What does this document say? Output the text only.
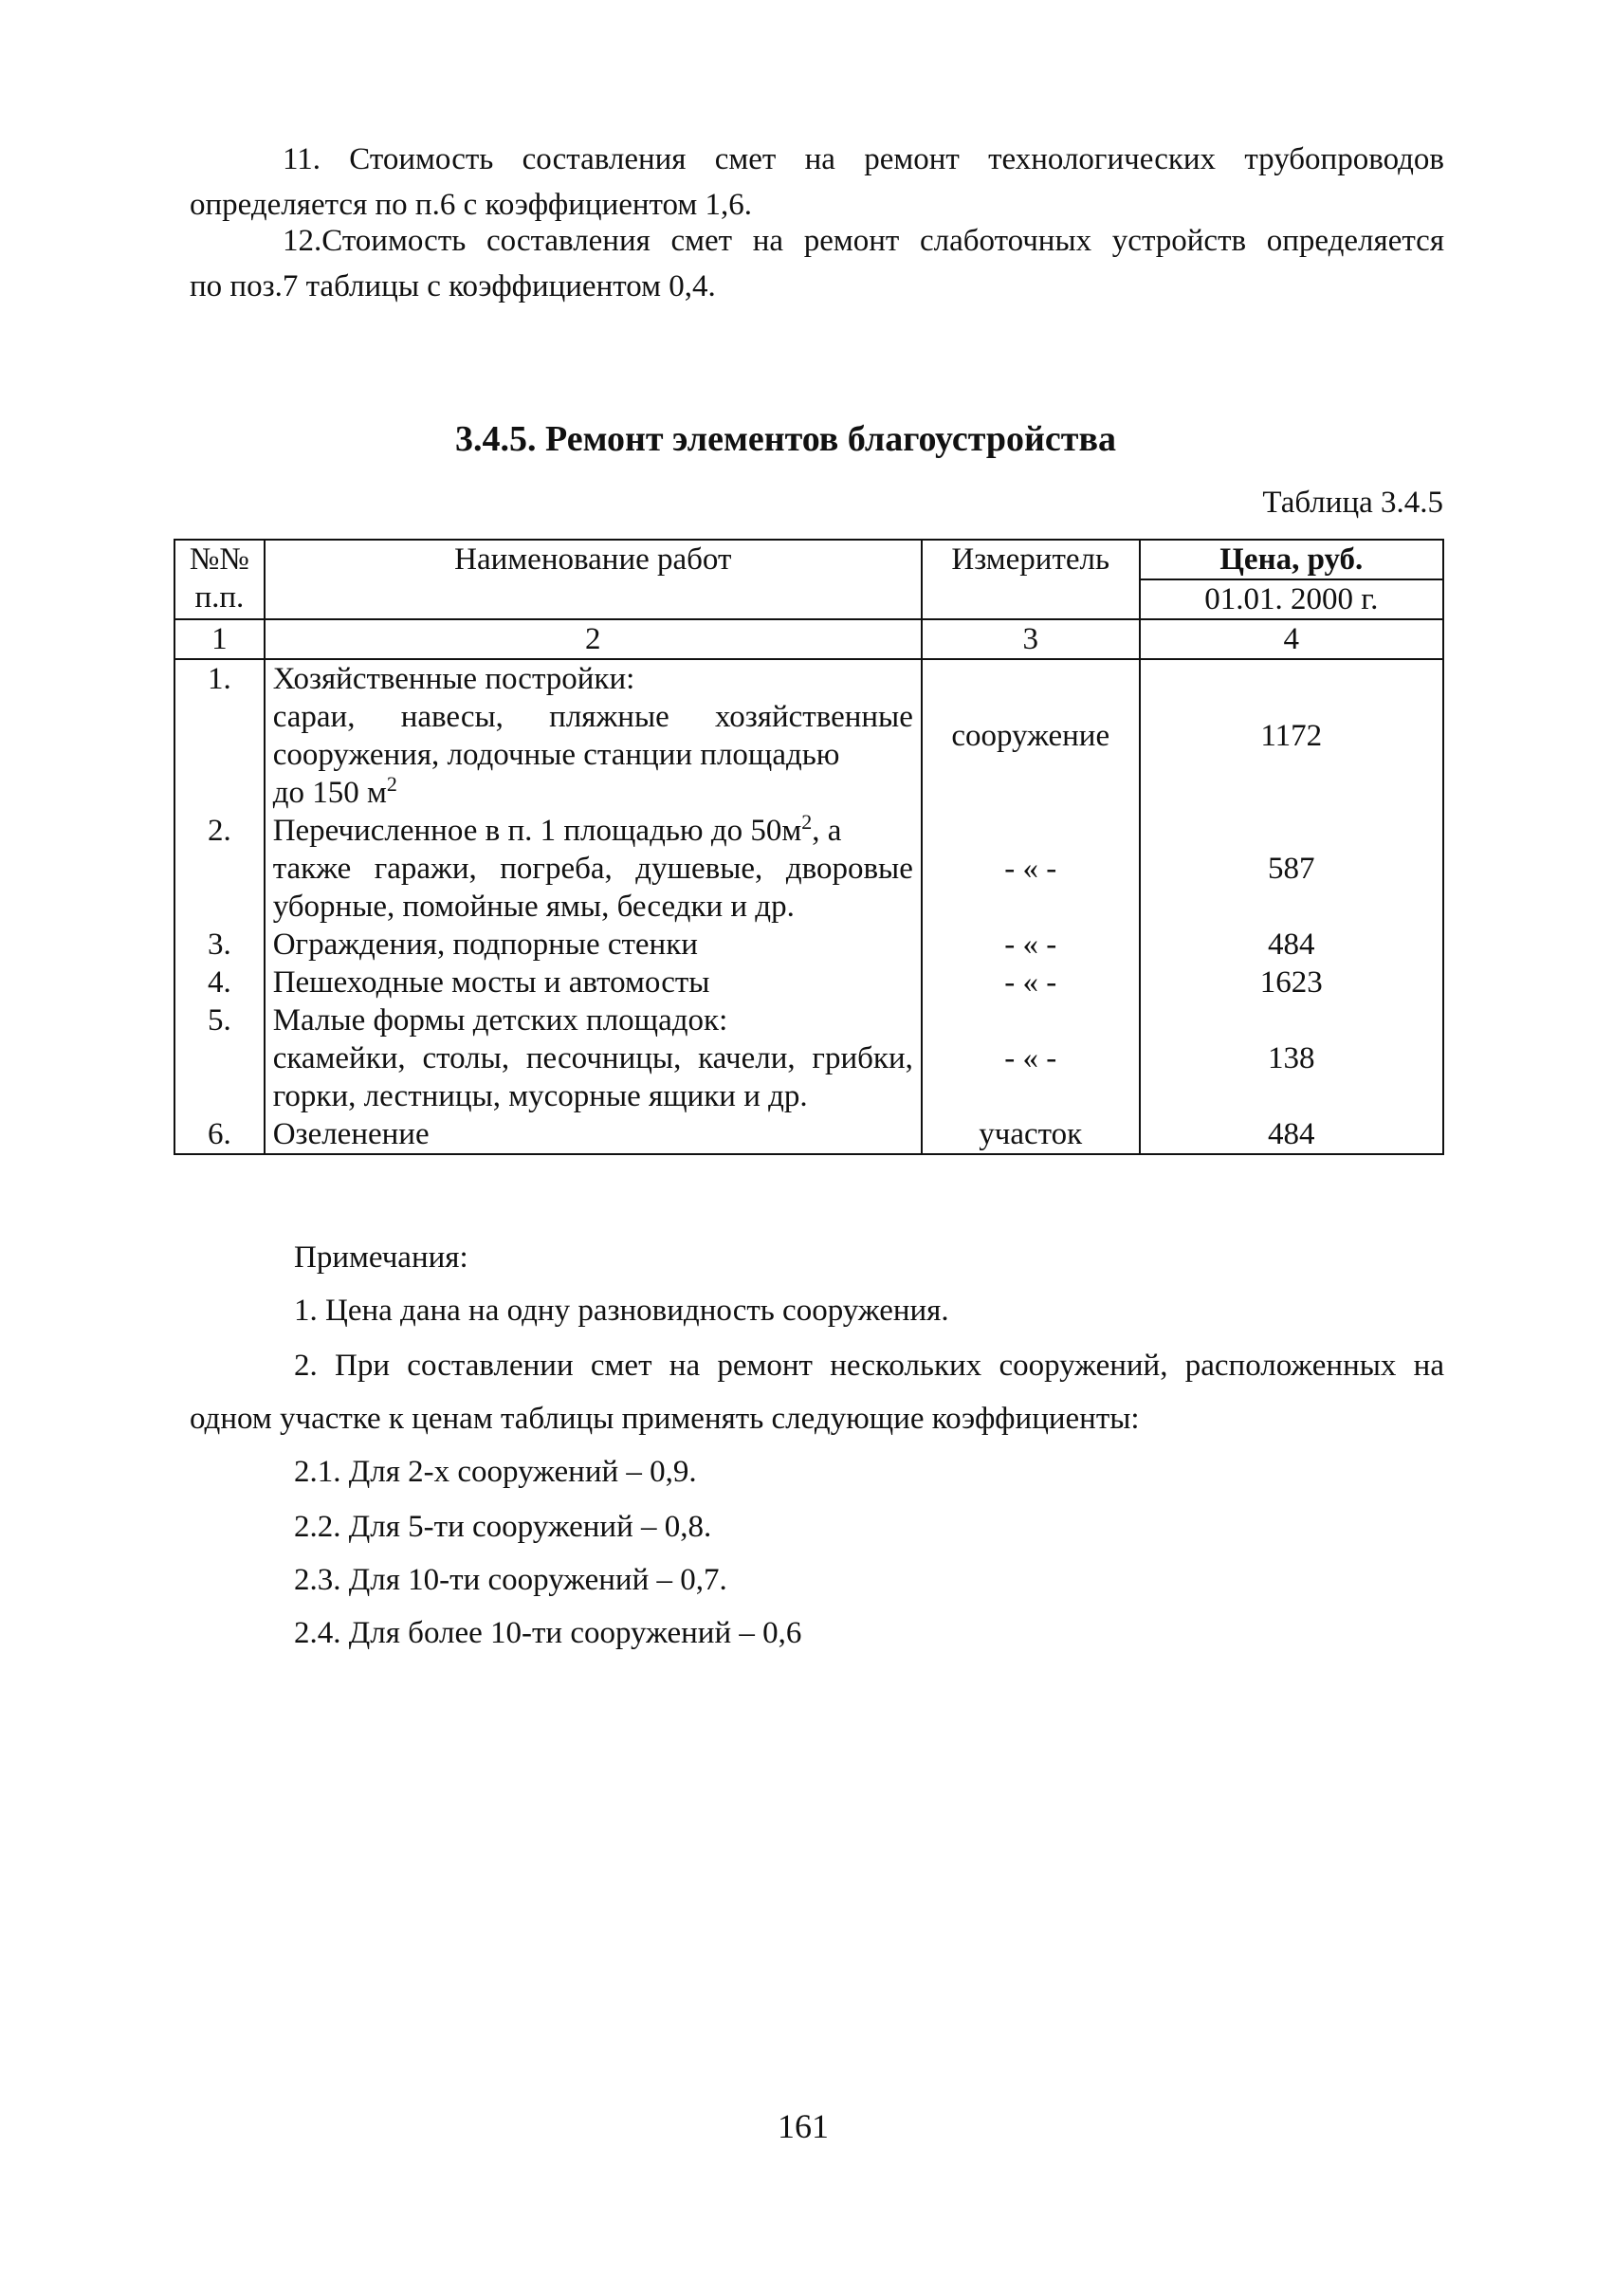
11. Стоимость составления смет на ремонт технологических трубопроводов

определяется по п.6 с коэффициентом 1,6.

12.Стоимость составления смет на ремонт слаботочных устройств определяется

по поз.7 таблицы с коэффициентом 0,4.

3.4.5. Ремонт элементов благоустройства
Таблица 3.4.5
№№ п.п.	Наименование работ	Измеритель	Цена, руб.
			01.01. 2000 г.
1	2	3	4
1.	Хозяйственные постройки:
сараи, навесы, пляжные хозяйственные сооружения, лодочные станции площадью
до 150 $м^2$	сооружение	1172
2.	Перечисленное в п. 1 площадью до $50м^2$, а
также гаражи, погреба, душевые, дворовые уборные, помойные ямы, беседки и др.	- « -	587
3.	Ограждения, подпорные стенки	- « -	484
4.	Пешеходные мосты и автомосты	- « -	1623
5.	Малые формы детских площадок:
скамейки, столы, песочницы, качели, грибки, горки, лестницы, мусорные ящики и др.	- « -	138
6.	Озеленение	участок	484
Примечания:
1. Цена дана на одну разновидность сооружения.
2. При составлении смет на ремонт нескольких сооружений, расположенных на
одном участке к ценам таблицы применять следующие коэффициенты:
2.1. Для 2-х сооружений – 0,9.
2.2. Для 5-ти сооружений – 0,8.
2.3. Для 10-ти сооружений – 0,7.
2.4. Для более 10-ти сооружений – 0,6
161
